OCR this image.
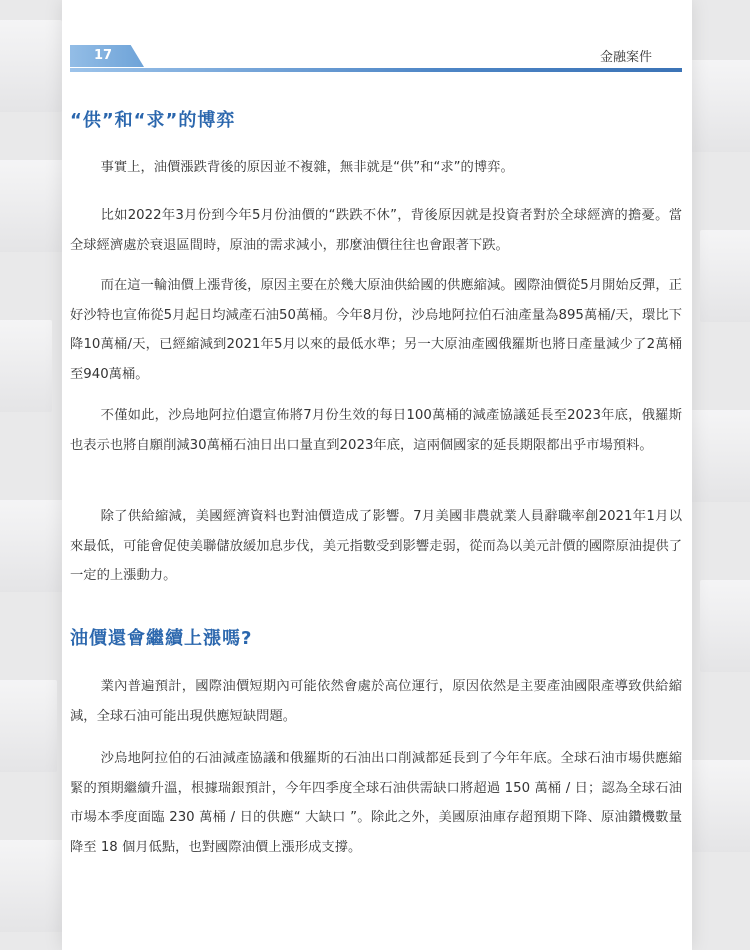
17	金融案件
“供”和“求”的博弈

事實上，油價漲跌背後的原因並不複雜，無非就是“供”和“求”的博弈。

比如2022年3月份到今年5月份油價的“跌跌不休”，背後原因就是投資者對於全球經濟的擔憂。當全球經濟處於衰退區間時，原油的需求減小，那麼油價往往也會跟著下跌。

而在這一輪油價上漲背後，原因主要在於幾大原油供給國的供應縮減。國際油價從5月開始反彈，正好沙特也宣佈從5月起日均減產石油50萬桶。今年8月份，沙烏地阿拉伯石油產量為895萬桶/天，環比下降10萬桶/天，已經縮減到2021年5月以來的最低水準；另一大原油產國俄羅斯也將日產量減少了2萬桶至940萬桶。

不僅如此，沙烏地阿拉伯還宣佈將7月份生效的每日100萬桶的減產協議延長至2023年底，俄羅斯也表示也將自願削減30萬桶石油日出口量直到2023年底，這兩個國家的延長期限都出乎市場預料。

除了供給縮減，美國經濟資料也對油價造成了影響。7月美國非農就業人員辭職率創2021年1月以來最低，可能會促使美聯儲放緩加息步伐，美元指數受到影響走弱，從而為以美元計價的國際原油提供了一定的上漲動力。

油價還會繼續上漲嗎?

業內普遍預計，國際油價短期內可能依然會處於高位運行，原因依然是主要產油國限產導致供給縮減，全球石油可能出現供應短缺問題。

沙烏地阿拉伯的石油減產協議和俄羅斯的石油出口削減都延長到了今年年底。全球石油市場供應縮緊的預期繼續升溫，根據瑞銀預計，今年四季度全球石油供需缺口將超過 150 萬桶 / 日；認為全球石油市場本季度面臨 230 萬桶 / 日的供應“ 大缺口 ”。除此之外，美國原油庫存超預期下降、原油鑽機數量降至 18 個月低點，也對國際油價上漲形成支撐。
